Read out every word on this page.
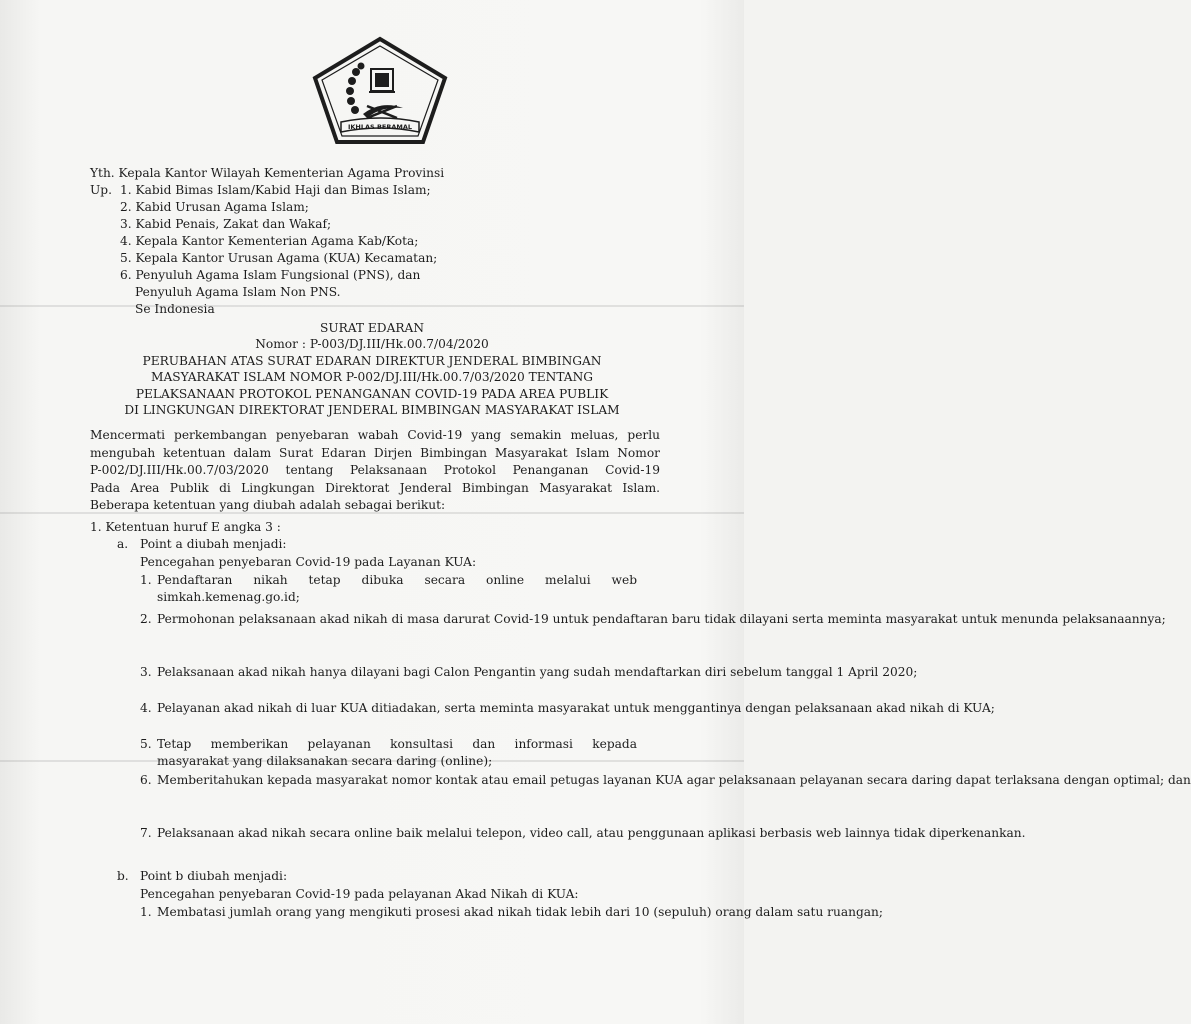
IKHLAS BERAMAL
Yth. Kepala Kantor Wilayah Kementerian Agama Provinsi
Up. 1. Kabid Bimas Islam/Kabid Haji dan Bimas Islam;
2. Kabid Urusan Agama Islam;
3. Kabid Penais, Zakat dan Wakaf;
4. Kepala Kantor Kementerian Agama Kab/Kota;
5. Kepala Kantor Urusan Agama (KUA) Kecamatan;
6. Penyuluh Agama Islam Fungsional (PNS), dan
Penyuluh Agama Islam Non PNS.
Se Indonesia
SURAT EDARAN
Nomor : P-003/DJ.III/Hk.00.7/04/2020
PERUBAHAN ATAS SURAT EDARAN DIREKTUR JENDERAL BIMBINGAN
MASYARAKAT ISLAM NOMOR P-002/DJ.III/Hk.00.7/03/2020 TENTANG
PELAKSANAAN PROTOKOL PENANGANAN COVID-19 PADA AREA PUBLIK
DI LINGKUNGAN DIREKTORAT JENDERAL BIMBINGAN MASYARAKAT ISLAM
Mencermati perkembangan penyebaran wabah Covid-19 yang semakin meluas, perlu
mengubah ketentuan dalam Surat Edaran Dirjen Bimbingan Masyarakat Islam Nomor
P-002/DJ.III/Hk.00.7/03/2020 tentang Pelaksanaan Protokol Penanganan Covid-19
Pada Area Publik di Lingkungan Direktorat Jenderal Bimbingan Masyarakat Islam.
Beberapa ketentuan yang diubah adalah sebagai berikut:
1. Ketentuan huruf E angka 3 :
a. Point a diubah menjadi:
Pencegahan penyebaran Covid-19 pada Layanan KUA:
1. Pendaftaran nikah tetap dibuka secara online melalui web
simkah.kemenag.go.id;
2. Permohonan pelaksanaan akad nikah di masa darurat Covid-19 untuk pendaftaran baru tidak dilayani serta meminta masyarakat untuk menunda pelaksanaannya;
3. Pelaksanaan akad nikah hanya dilayani bagi Calon Pengantin yang sudah mendaftarkan diri sebelum tanggal 1 April 2020;
4. Pelayanan akad nikah di luar KUA ditiadakan, serta meminta masyarakat untuk menggantinya dengan pelaksanaan akad nikah di KUA;
5. Tetap memberikan pelayanan konsultasi dan informasi kepada
masyarakat yang dilaksanakan secara daring (online);
6. Memberitahukan kepada masyarakat nomor kontak atau email petugas layanan KUA agar pelaksanaan pelayanan secara daring dapat terlaksana dengan optimal; dan
7. Pelaksanaan akad nikah secara online baik melalui telepon, video call, atau penggunaan aplikasi berbasis web lainnya tidak diperkenankan.
b. Point b diubah menjadi:
Pencegahan penyebaran Covid-19 pada pelayanan Akad Nikah di KUA:
1. Membatasi jumlah orang yang mengikuti prosesi akad nikah tidak lebih dari 10 (sepuluh) orang dalam satu ruangan;
